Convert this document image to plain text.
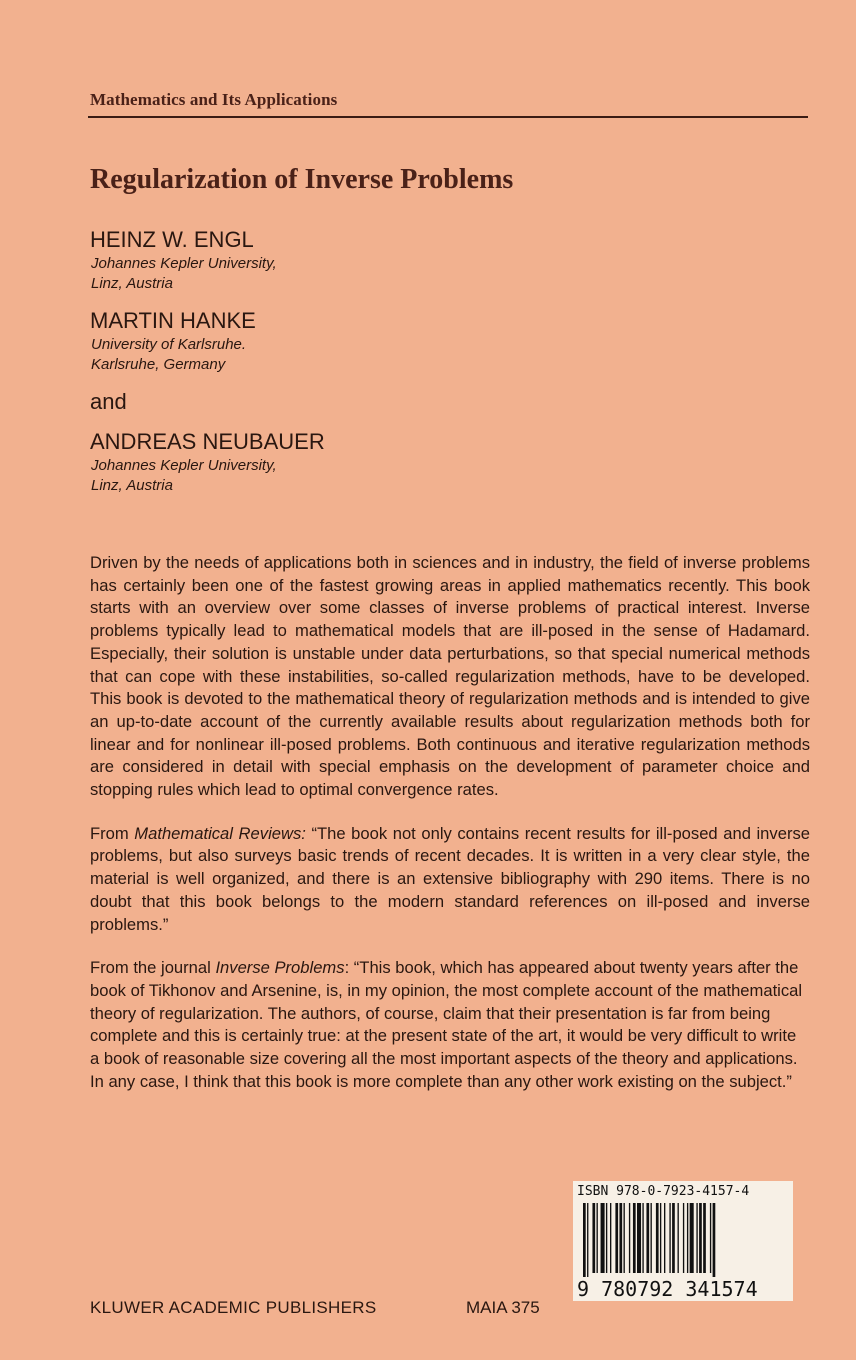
Mathematics and Its Applications
Regularization of Inverse Problems
HEINZ W. ENGL
Johannes Kepler University,
Linz, Austria
MARTIN HANKE
University of Karlsruhe.
Karlsruhe, Germany
and
ANDREAS NEUBAUER
Johannes Kepler University,
Linz, Austria

Driven by the needs of applications both in sciences and in industry, the field of inverse problems has certainly been one of the fastest growing areas in applied mathematics recently. This book starts with an overview over some classes of inverse problems of practical interest. Inverse problems typically lead to mathematical models that are ill-posed in the sense of Hadamard. Especially, their solution is unstable under data perturbations, so that special numerical methods that can cope with these instabilities, so-called regularization methods, have to be developed. This book is devoted to the mathematical theory of regularization methods and is intended to give an up-to-date account of the currently available results about regularization methods both for linear and for nonlinear ill-posed problems. Both continuous and iterative regularization methods are considered in detail with special emphasis on the development of parameter choice and stopping rules which lead to optimal convergence rates.

From Mathematical Reviews: “The book not only contains recent results for ill-posed and inverse problems, but also surveys basic trends of recent decades. It is written in a very clear style, the material is well organized, and there is an extensive bibliography with 290 items. There is no doubt that this book belongs to the modern standard references on ill-posed and inverse problems.”

From the journal Inverse Problems: “This book, which has appeared about twenty years after the book of Tikhonov and Arsenine, is, in my opinion, the most complete account of the mathematical theory of regularization. The authors, of course, claim that their presentation is far from being complete and this is certainly true: at the present state of the art, it would be very difficult to write a book of reasonable size covering all the most important aspects of the theory and applications. In any case, I think that this book is more complete than any other work existing on the subject.”

ISBN 978-0-7923-4157-4
9 780792 341574
KLUWER ACADEMIC PUBLISHERS	MAIA 375
